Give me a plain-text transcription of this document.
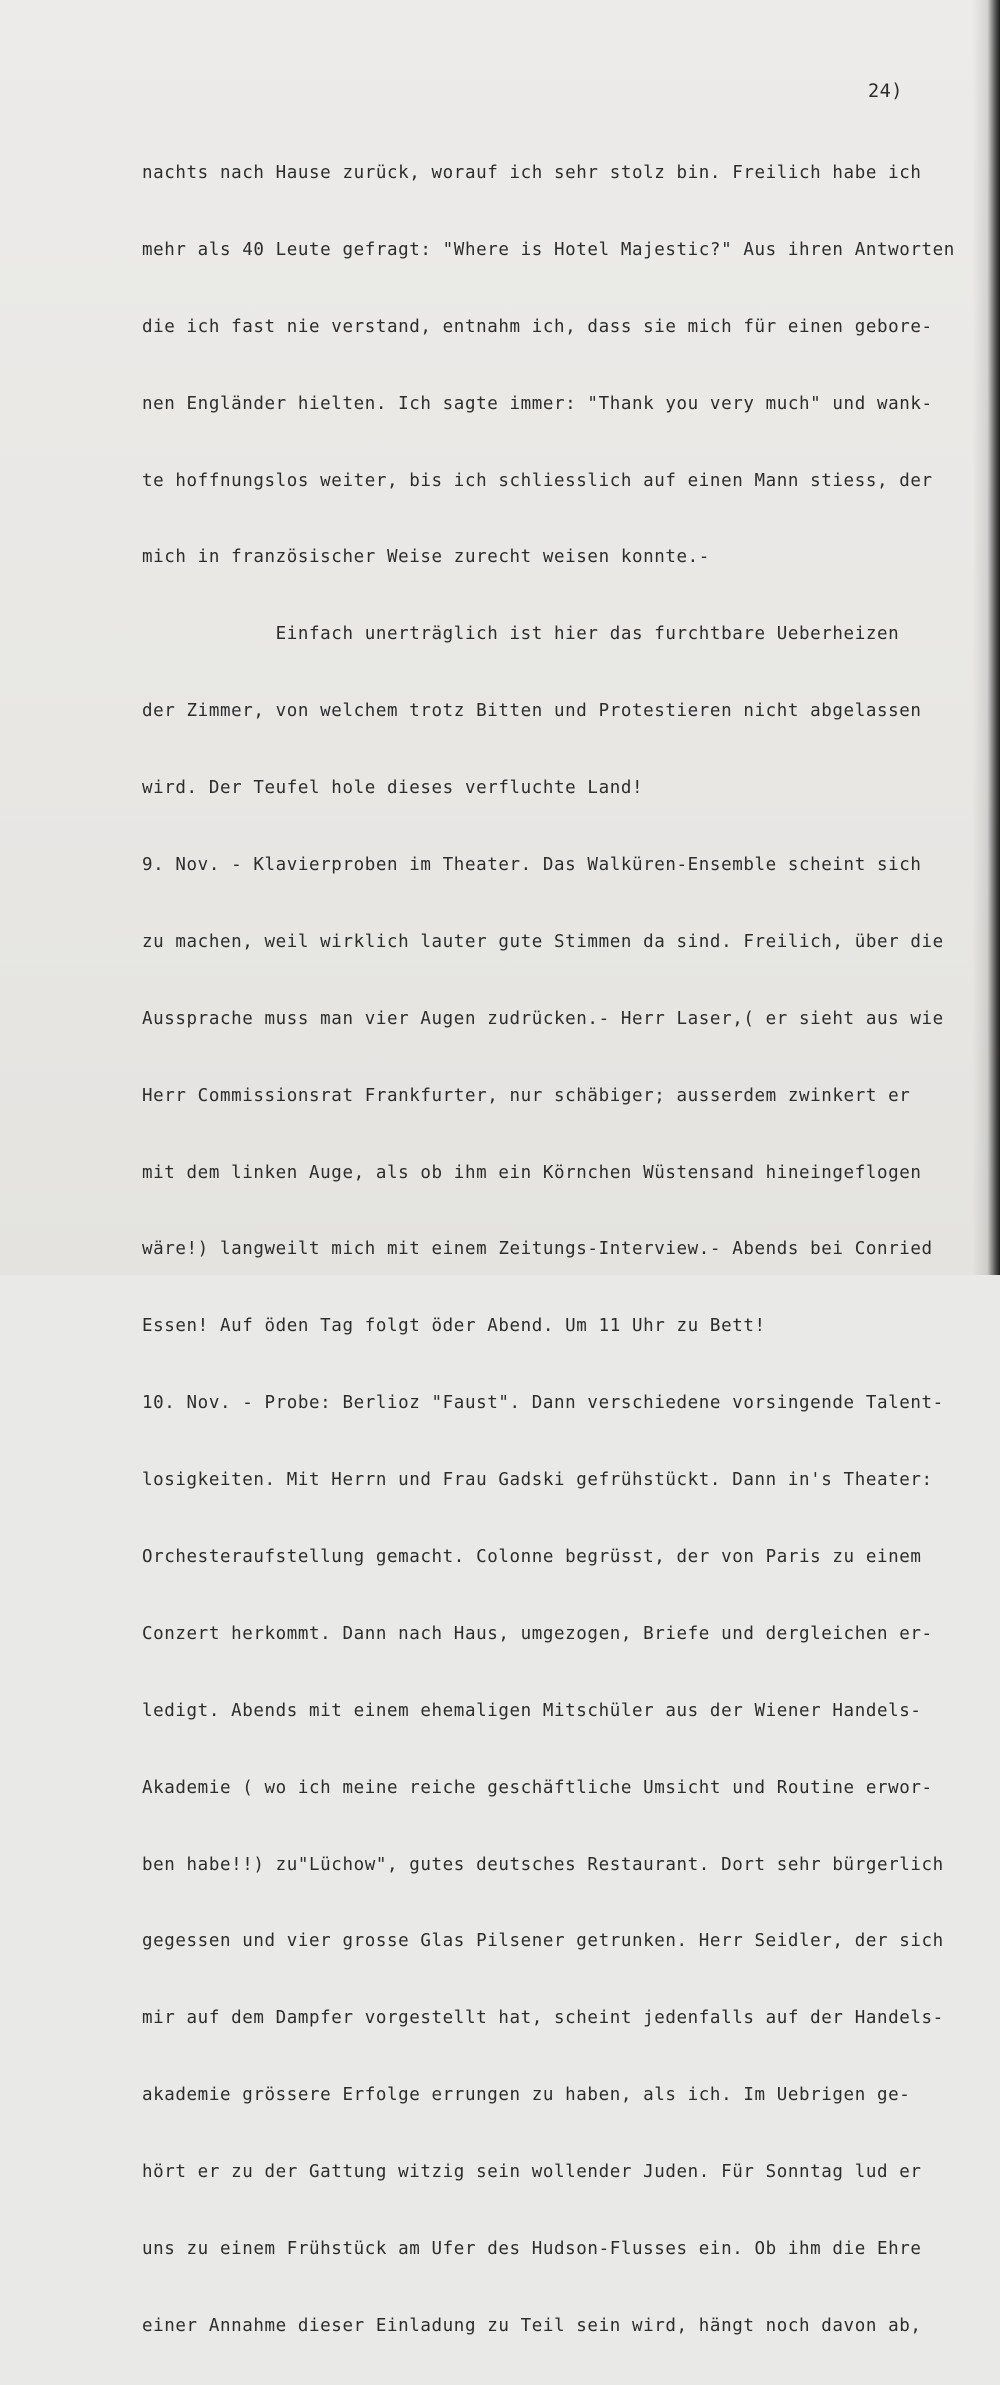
24)

nachts nach Hause zurück, worauf ich sehr stolz bin. Freilich habe ich

mehr als 40 Leute gefragt: "Where is Hotel Majestic?" Aus ihren Antworten

die ich fast nie verstand, entnahm ich, dass sie mich für einen gebore-

nen Engländer hielten. Ich sagte immer: "Thank you very much" und wank-

te hoffnungslos weiter, bis ich schliesslich auf einen Mann stiess, der

mich in französischer Weise zurecht weisen konnte.-

Einfach unerträglich ist hier das furchtbare Ueberheizen

der Zimmer, von welchem trotz Bitten und Protestieren nicht abgelassen

wird. Der Teufel hole dieses verfluchte Land!

9. Nov. - Klavierproben im Theater. Das Walküren-Ensemble scheint sich

zu machen, weil wirklich lauter gute Stimmen da sind. Freilich, über die

Aussprache muss man vier Augen zudrücken.- Herr Laser,( er sieht aus wie

Herr Commissionsrat Frankfurter, nur schäbiger; ausserdem zwinkert er

mit dem linken Auge, als ob ihm ein Körnchen Wüstensand hineingeflogen

wäre!) langweilt mich mit einem Zeitungs-Interview.- Abends bei Conried

Essen! Auf öden Tag folgt öder Abend. Um 11 Uhr zu Bett!

10. Nov. - Probe: Berlioz "Faust". Dann verschiedene vorsingende Talent-

losigkeiten. Mit Herrn und Frau Gadski gefrühstückt. Dann in's Theater:

Orchesteraufstellung gemacht. Colonne begrüsst, der von Paris zu einem

Conzert herkommt. Dann nach Haus, umgezogen, Briefe und dergleichen er-

ledigt. Abends mit einem ehemaligen Mitschüler aus der Wiener Handels-

Akademie ( wo ich meine reiche geschäftliche Umsicht und Routine erwor-

ben habe!!) zu"Lüchow", gutes deutsches Restaurant. Dort sehr bürgerlich

gegessen und vier grosse Glas Pilsener getrunken. Herr Seidler, der sich

mir auf dem Dampfer vorgestellt hat, scheint jedenfalls auf der Handels-

akademie grössere Erfolge errungen zu haben, als ich. Im Uebrigen ge-

hört er zu der Gattung witzig sein wollender Juden. Für Sonntag lud er

uns zu einem Frühstück am Ufer des Hudson-Flusses ein. Ob ihm die Ehre

einer Annahme dieser Einladung zu Teil sein wird, hängt noch davon ab,
